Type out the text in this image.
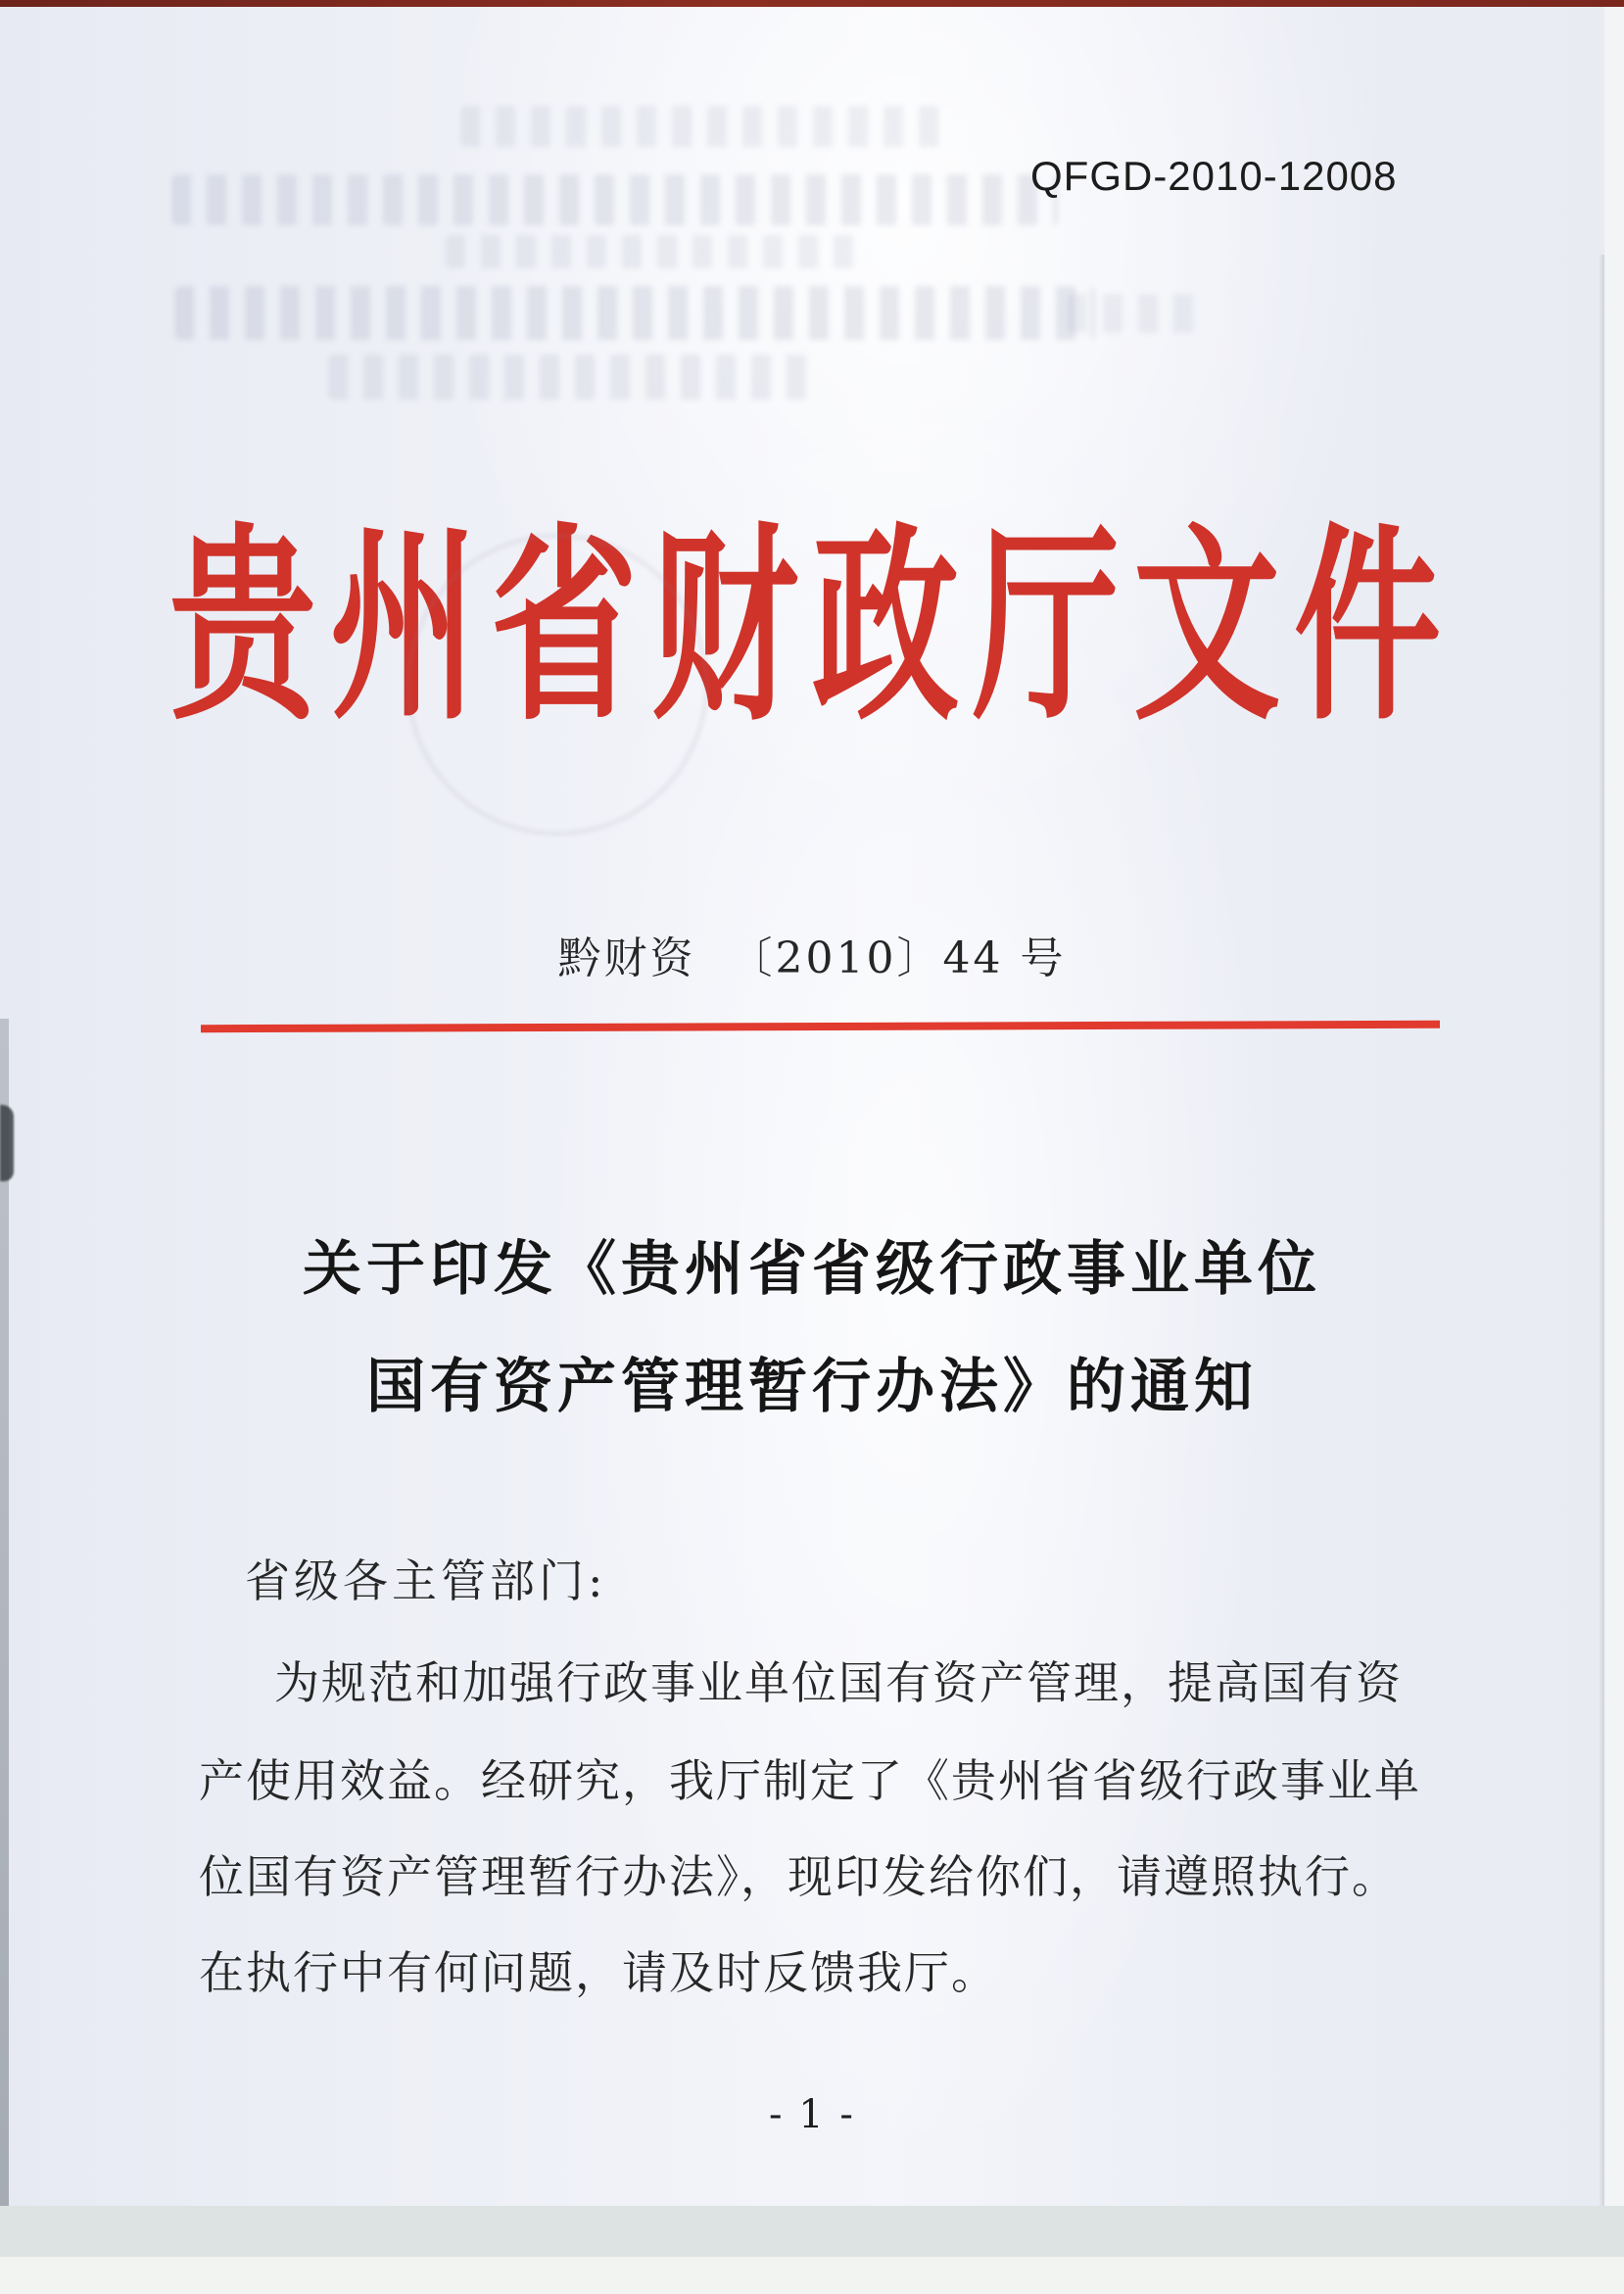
QFGD-2010-12008
贵州省财政厅文件
黔财资  〔2010〕44 号
关于印发《贵州省省级行政事业单位
国有资产管理暂行办法》的通知
省级各主管部门:
为规范和加强行政事业单位国有资产管理，提高国有资
产使用效益。经研究，我厅制定了《贵州省省级行政事业单
位国有资产管理暂行办法》，现印发给你们，请遵照执行。
在执行中有何问题，请及时反馈我厅。
- 1 -
